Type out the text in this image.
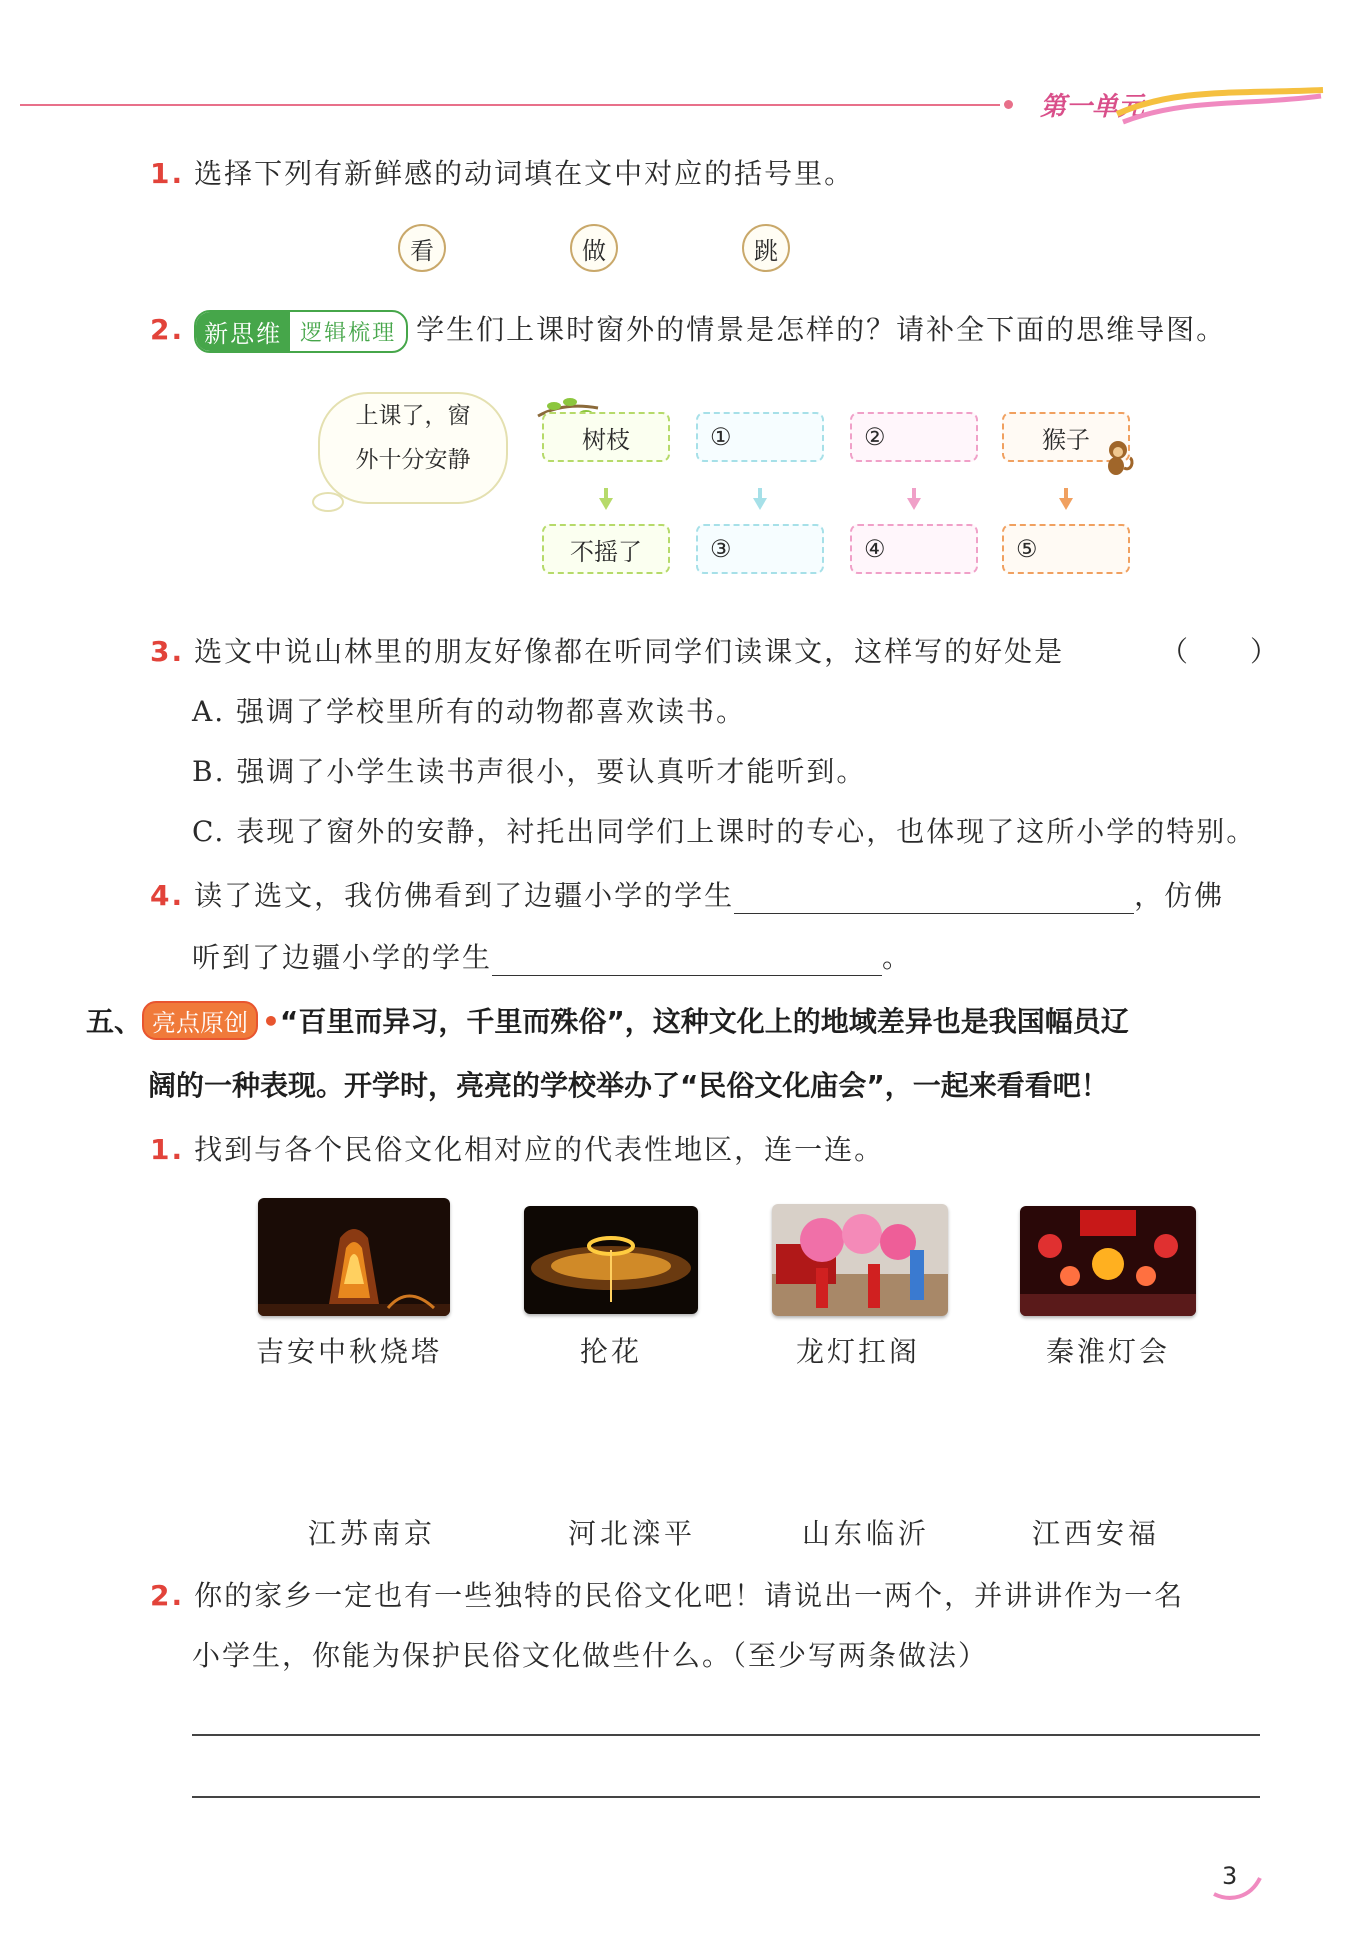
第一单元
1. 选择下列有新鲜感的动词填在文中对应的括号里。
看	做	跳
2. 新思维 逻辑梳理 学生们上课时窗外的情景是怎样的？请补全下面的思维导图。
上课了，窗
外十分安静
树枝	①	②	猴子
不摇了	③	④	⑤
3. 选文中说山林里的朋友好像都在听同学们读课文，这样写的好处是	（　　）
A. 强调了学校里所有的动物都喜欢读书。
B. 强调了小学生读书声很小，要认真听才能听到。
C. 表现了窗外的安静，衬托出同学们上课时的专心，也体现了这所小学的特别。
4. 读了选文，我仿佛看到了边疆小学的学生	，仿佛
听到了边疆小学的学生	。
五、 亮点原创 •“百里而异习，千里而殊俗”，这种文化上的地域差异也是我国幅员辽
阔的一种表现。开学时，亮亮的学校举办了“民俗文化庙会”，一起来看看吧！
1. 找到与各个民俗文化相对应的代表性地区，连一连。
吉安中秋烧塔	抡花	龙灯扛阁	秦淮灯会
江苏南京	河北滦平	山东临沂	江西安福
2. 你的家乡一定也有一些独特的民俗文化吧！请说出一两个，并讲讲作为一名
小学生，你能为保护民俗文化做些什么。（至少写两条做法）
3
